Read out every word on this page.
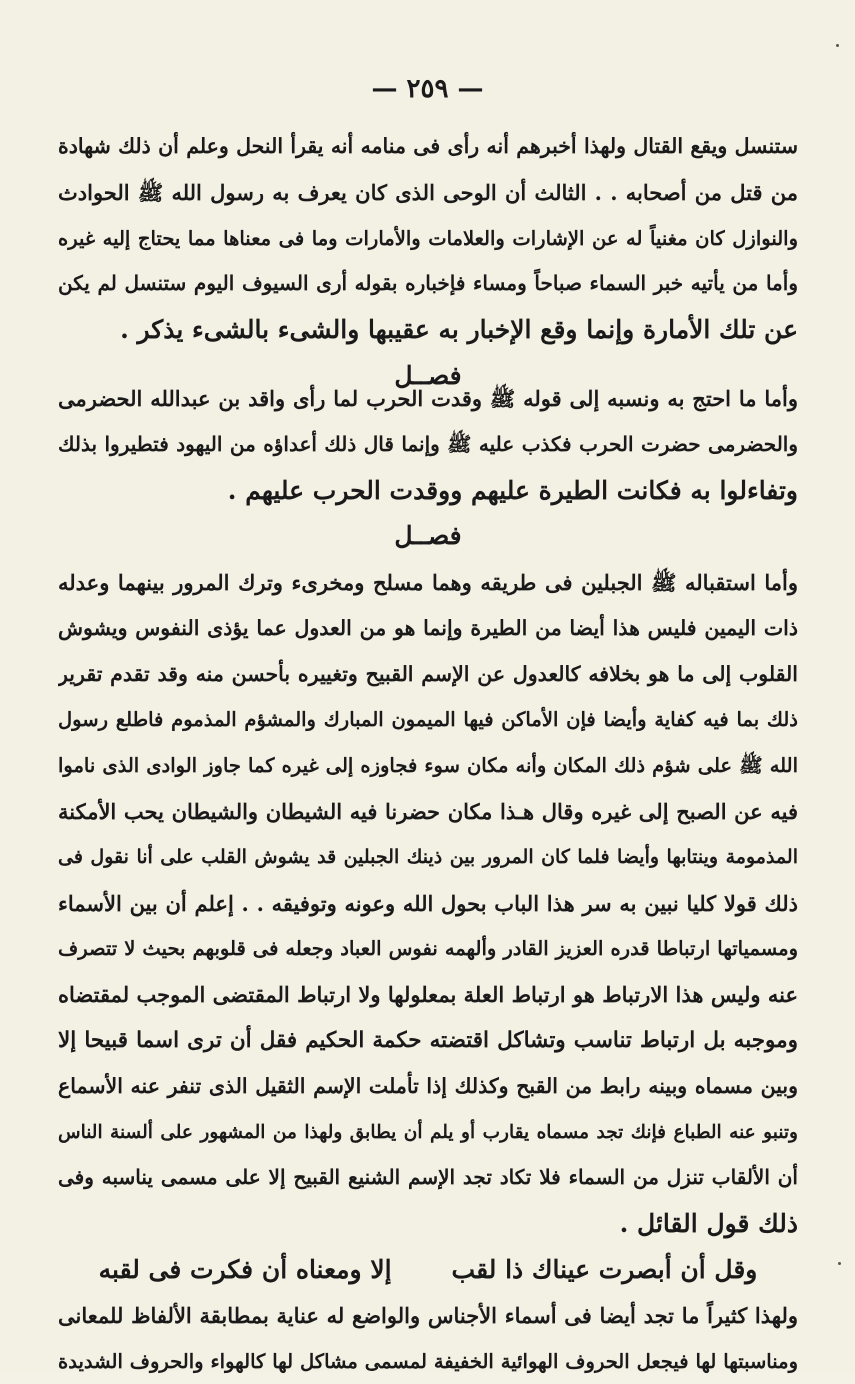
— ٢٥٩ —
ستنسل ويقع القتال ولهذا أخبرهم أنه رأى فى منامه أنه يقرأ النحل وعلم أن ذلك شهادة
من قتل من أصحابه . . الثالث أن الوحى الذى كان يعرف به رسول الله ﷺ الحوادث
والنوازل كان مغنياً له عن الإشارات والعلامات والأمارات وما فى معناها مما يحتاج إليه غيره
وأما من يأتيه خبر السماء صباحاً ومساء فإخباره بقوله أرى السيوف اليوم ستنسل لم يكن
عن تلك الأمارة وإنما وقع الإخبار به عقيبها والشىء بالشىء يذكر .
فصــل
وأما ما احتج به ونسبه إلى قوله ﷺ وقدت الحرب لما رأى واقد بن عبدالله الحضرمى
والحضرمى حضرت الحرب فكذب عليه ﷺ وإنما قال ذلك أعداؤه من اليهود فتطيروا بذلك
وتفاءلوا به فكانت الطيرة عليهم ووقدت الحرب عليهم .
فصــل
وأما استقباله ﷺ الجبلين فى طريقه وهما مسلح ومخرىء وترك المرور بينهما وعدله
ذات اليمين فليس هذا أيضا من الطيرة وإنما هو من العدول عما يؤذى النفوس ويشوش
القلوب إلى ما هو بخلافه كالعدول عن الإسم القبيح وتغييره بأحسن منه وقد تقدم تقرير
ذلك بما فيه كفاية وأيضا فإن الأماكن فيها الميمون المبارك والمشؤم المذموم فاطلع رسول
الله ﷺ على شؤم ذلك المكان وأنه مكان سوء فجاوزه إلى غيره كما جاوز الوادى الذى ناموا
فيه عن الصبح إلى غيره وقال هـذا مكان حضرنا فيه الشيطان والشيطان يحب الأمكنة
المذمومة وينتابها وأيضا فلما كان المرور بين ذينك الجبلين قد يشوش القلب على أنا نقول فى
ذلك قولا كليا نبين به سر هذا الباب بحول الله وعونه وتوفيقه . . إعلم أن بين الأسماء
ومسمياتها ارتباطا قدره العزيز القادر وألهمه نفوس العباد وجعله فى قلوبهم بحيث لا تتصرف
عنه وليس هذا الارتباط هو ارتباط العلة بمعلولها ولا ارتباط المقتضى الموجب لمقتضاه
وموجبه بل ارتباط تناسب وتشاكل اقتضته حكمة الحكيم فقل أن ترى اسما قبيحا إلا
وبين مسماه وبينه رابط من القبح وكذلك إذا تأملت الإسم الثقيل الذى تنفر عنه الأسماع
وتنبو عنه الطباع فإنك تجد مسماه يقارب أو يلم أن يطابق ولهذا من المشهور على ألسنة الناس
أن الألقاب تنزل من السماء فلا تكاد تجد الإسم الشنيع القبيح إلا على مسمى يناسبه وفى
ذلك قول القائل .
وقل أن أبصرت عيناك ذا لقب
إلا ومعناه أن فكرت فى لقبه
ولهذا كثيراً ما تجد أيضا فى أسماء الأجناس والواضع له عناية بمطابقة الألفاظ للمعانى
ومناسبتها لها فيجعل الحروف الهوائية الخفيفة لمسمى مشاكل لها كالهواء والحروف الشديدة
